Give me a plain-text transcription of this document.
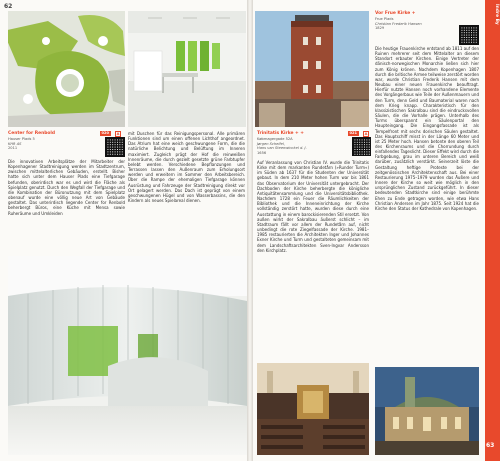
62
Center for Renbold	020	A
Hauser Plads 5
KHR AS
2011
Die innovativen Arbeitsplätze der Mitarbeiter der Kopenhagener Stadtreinigung werden im Stadtzentrum, zwischen mittelalterlichen Gebäuden, erstellt. Bisher hatte sich unter dem Hauser Plads eine Tiefgarage befunden, oberirdisch war es und wird die Fläche als Spielplatz genutzt. Durch den Wegfall der Tiefgarage und die Kombination der Büronutzung mit dem Spielplatz obenauf wurde eine völlig neue Art von Gebäude gestaltet. Das unterirdisch liegende Center for Renbold beherbergt Büros, eine Küche mit Mensa sowie Ruheräume und Umkleiden
mit Duschen für das Reinigungspersonal. Alle primären Funktionen sind um einen offenen Lichthof angeordnet. Das Atrium hat eine weich geschwungene Form, die die natürliche Belichtung und Belüftung im Inneren maximiert. Zugleich prägt der Hof die reinweißen Innenräume, die durch gezielt gesetzte grüne Farbtupfer belebt werden. Verschiedene Bepflanzungen und Terrassen lassen den Außenraum zum Erholungsort werden und erweitern im Sommer den Arbeitsbereich. Über die Rampe der ehemaligen Tiefgarage können Ausrüstung und Fahrzeuge der Stadtreinigung direkt vor Ort gelagert werden. Das Dach ist geprägt von einem geschwungenen Hügel und von Wasserbassins, die den Kindern als neues Spielareal dienen.
Trinitatis Kirke + +	021	A
Købmagergade 52A
Jørgen Schelfel,
Hans van Steenwinckel d. J.
1656
Auf Veranlassung von Christian IV. wurde die Trinitatis Kirke mit dem markanten Rundetårn (»Runder Turm«) im Süden ab 1637 für die Studenten der Universität gebaut. In dem 210 Meter hohen Turm war bis 1861 das Observatorium der Universität untergebracht. Der Dachboden der Kirche beherbergte die königliche Antiquitätensammlung und die Universitätsbibliothek. Nachdem 1728 ein Feuer die Räumlichkeiten der Bibliothek und die Inneneinrichtung der Kirche vollständig zerstört hatte, wurden diese durch eine Ausstattung in einem barockisierenden Stil ersetzt. Von außen wirkt der Sakralbau äußerst schlicht – im Stadtraum fällt vor allem der Rundetårn auf, nicht unbedingt die rote Ziegelfassade der Kirche. 1981–1985 restaurierten die Architekten Inger und Johannes Exner Kirche und Turm und gestalteten gemeinsam mit dem Landschaftsarchitekten Sven-Ingvar Andersson den Kirchplatz.
Vor Frue Kirke +
Frue Plads
Christian Frederik Hansen
1829
Die heutige Frauenkirche entstand ab 1811 auf den Ruinen mehrerer seit dem Mittelalter an diesem Standort erbauter Kirchen. Einige Vertreter der dänisch-norwegischen Monarchie ließen sich hier zum König krönen. Nachdem Kopenhagen 1807 durch die britische Armee teilweise zerstört worden war, wurde Christian Frederik Hansen mit dem Neubau einer neuen Frauenkirche beauftragt. Hierfür nutzte Hansen noch vorhandene Elemente des Vorgängerbaus wie Teile der Außenmauern und den Turm, denn Geld und Baumaterial waren nach dem Krieg knapp. Charakteristisch für den klassizistischen Sakralbau sind die eindrucksvollen Säulen, die die Vorhalle prägen. Unterhalb des Turms überspannt ein Säulenportal den Haupteingang. Die Eingangsfassade ist als Tempelfront mit sechs dorischen Säulen gestaltet. Das Hauptschiff misst in der Länge 60 Meter und ist 25 Meter hoch. Hansen betonte den oberen Teil des Kirchenraums und die Chorrundung durch einfallendes Tageslicht. Dieser Effekt wird durch die Farbgebung, grau im unteren Bereich und weiß darüber, zusätzlich verstärkt. Seinerzeit löste die Gestaltung heftige Proteste bei der zeitgenössischen Architektenschaft aus. Bei einer Restaurierung 1975–1979 wurden das Äußere und Innere der Kirche so weit wie möglich in den ursprünglichen Zustand zurückgeführt. In dieser bedeutenden Stadtkirche sind einige berühmte Ehen zu Ende getragen worden, wie etwa Hans Christian Andersen im Jahr 1875. Seit 1924 hat die Kirche den Status der Kathedrale von Kopenhagen.
Indre By
63
